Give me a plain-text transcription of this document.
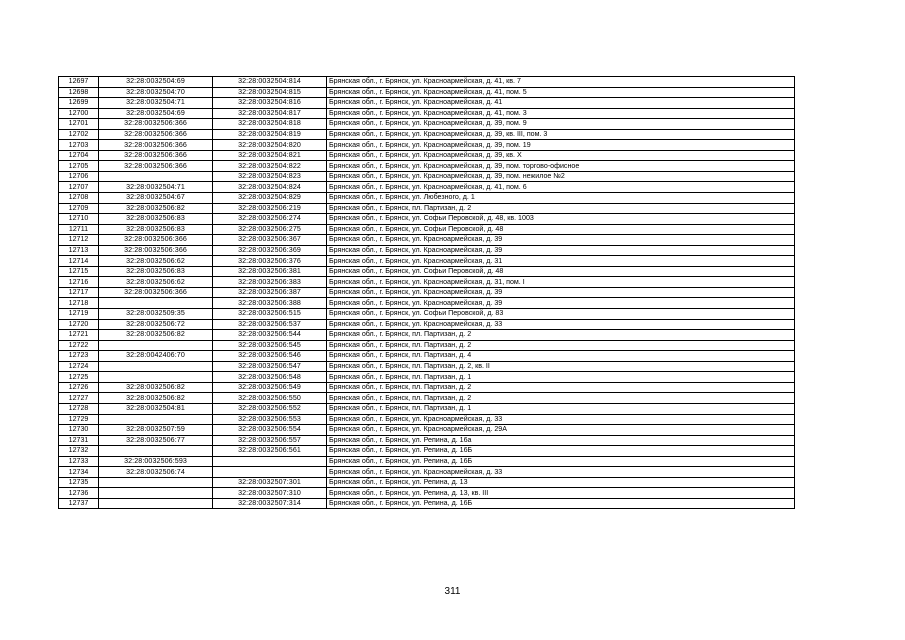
12697	32:28:0032504:69	32:28:0032504:814	Брянская обл., г. Брянск, ул. Красноармейская, д. 41, кв. 7
12698	32:28:0032504:70	32:28:0032504:815	Брянская обл., г. Брянск, ул. Красноармейская, д. 41, пом. 5
12699	32:28:0032504:71	32:28:0032504:816	Брянская обл., г. Брянск, ул. Красноармейская, д. 41
12700	32:28:0032504:69	32:28:0032504:817	Брянская обл., г. Брянск, ул. Красноармейская, д. 41, пом. 3
12701	32:28:0032506:366	32:28:0032504:818	Брянская обл., г. Брянск, ул. Красноармейская, д. 39, пом. 9
12702	32:28:0032506:366	32:28:0032504:819	Брянская обл., г. Брянск, ул. Красноармейская, д. 39, кв. III, пом. 3
12703	32:28:0032506:366	32:28:0032504:820	Брянская обл., г. Брянск, ул. Красноармейская, д. 39, пом. 19
12704	32:28:0032506:366	32:28:0032504:821	Брянская обл., г. Брянск, ул. Красноармейская, д. 39, кв. Х
12705	32:28:0032506:366	32:28:0032504:822	Брянская обл., г. Брянск, ул. Красноармейская, д. 39, пом. торгово-офисное
12706		32:28:0032504:823	Брянская обл., г. Брянск, ул. Красноармейская, д. 39, пом. нежилое №2
12707	32:28:0032504:71	32:28:0032504:824	Брянская обл., г. Брянск, ул. Красноармейская, д. 41, пом. 6
12708	32:28:0032504:67	32:28:0032504:829	Брянская обл., г. Брянск, ул. Любезного, д. 1
12709	32:28:0032506:82	32:28:0032506:219	Брянская обл., г. Брянск, пл. Партизан, д. 2
12710	32:28:0032506:83	32:28:0032506:274	Брянская обл., г. Брянск, ул. Софьи Перовской, д. 48, кв. 1003
12711	32:28:0032506:83	32:28:0032506:275	Брянская обл., г. Брянск, ул. Софьи Перовской, д. 48
12712	32:28:0032506:366	32:28:0032506:367	Брянская обл., г. Брянск, ул. Красноармейская, д. 39
12713	32:28:0032506:366	32:28:0032506:369	Брянская обл., г. Брянск, ул. Красноармейская, д. 39
12714	32:28:0032506:62	32:28:0032506:376	Брянская обл., г. Брянск, ул. Красноармейская, д. 31
12715	32:28:0032506:83	32:28:0032506:381	Брянская обл., г. Брянск, ул. Софьи Перовской, д. 48
12716	32:28:0032506:62	32:28:0032506:383	Брянская обл., г. Брянск, ул. Красноармейская, д. 31, пом. I
12717	32:28:0032506:366	32:28:0032506:387	Брянская обл., г. Брянск, ул. Красноармейская, д. 39
12718		32:28:0032506:388	Брянская обл., г. Брянск, ул. Красноармейская, д. 39
12719	32:28:0032509:35	32:28:0032506:515	Брянская обл., г. Брянск, ул. Софьи Перовской, д. 83
12720	32:28:0032506:72	32:28:0032506:537	Брянская обл., г. Брянск, ул. Красноармейская, д. 33
12721	32:28:0032506:82	32:28:0032506:544	Брянская обл., г. Брянск, пл. Партизан, д. 2
12722		32:28:0032506:545	Брянская обл., г. Брянск, пл. Партизан, д. 2
12723	32:28:0042406:70	32:28:0032506:546	Брянская обл., г. Брянск, пл. Партизан, д. 4
12724		32:28:0032506:547	Брянская обл., г. Брянск, пл. Партизан, д. 2, кв. II
12725		32:28:0032506:548	Брянская обл., г. Брянск, пл. Партизан, д. 1
12726	32:28:0032506:82	32:28:0032506:549	Брянская обл., г. Брянск, пл. Партизан, д. 2
12727	32:28:0032506:82	32:28:0032506:550	Брянская обл., г. Брянск, пл. Партизан, д. 2
12728	32:28:0032504:81	32:28:0032506:552	Брянская обл., г. Брянск, пл. Партизан, д. 1
12729		32:28:0032506:553	Брянская обл., г. Брянск, ул. Красноармейская, д. 33
12730	32:28:0032507:59	32:28:0032506:554	Брянская обл., г. Брянск, ул. Красноармейская, д. 29А
12731	32:28:0032506:77	32:28:0032506:557	Брянская обл., г. Брянск, ул. Репина, д. 16а
12732		32:28:0032506:561	Брянская обл., г. Брянск, ул. Репина, д. 16Б
12733	32:28:0032506:593		Брянская обл., г. Брянск, ул. Репина, д. 16Б
12734	32:28:0032506:74		Брянская обл., г. Брянск, ул. Красноармейская, д. 33
12735		32:28:0032507:301	Брянская обл., г. Брянск, ул. Репина, д. 13
12736		32:28:0032507:310	Брянская обл., г. Брянск, ул. Репина, д. 13, кв. III
12737		32:28:0032507:314	Брянская обл., г. Брянск, ул. Репина, д. 16Б
311
